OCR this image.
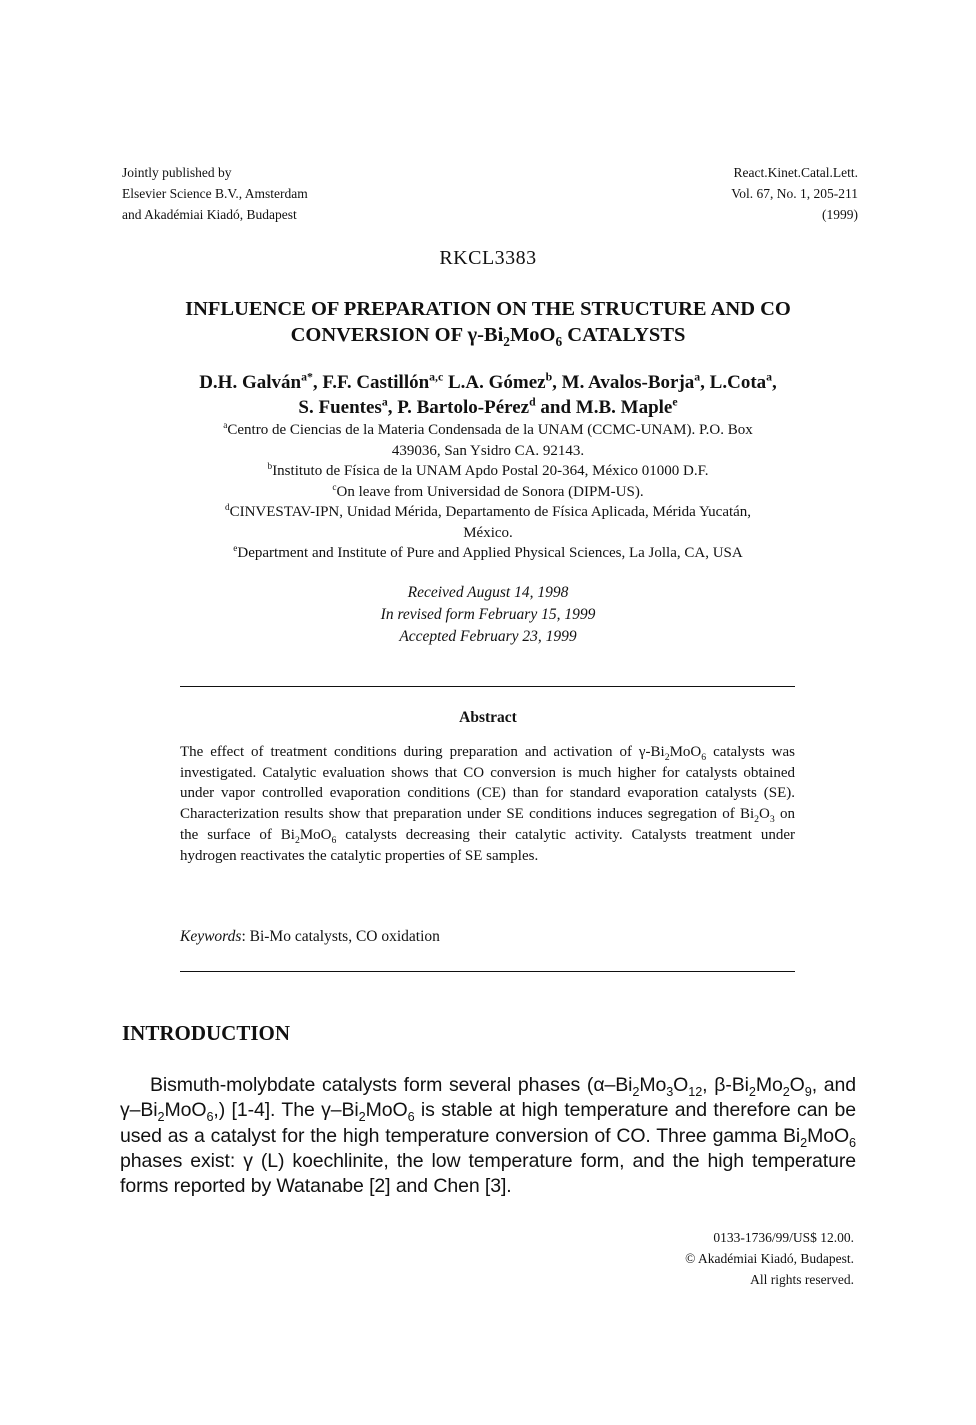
Jointly published by
Elsevier Science B.V., Amsterdam
and Akadémiai Kiadó, Budapest
React.Kinet.Catal.Lett.
Vol. 67, No. 1, 205-211
(1999)
RKCL3383
INFLUENCE OF PREPARATION ON THE STRUCTURE AND CO
CONVERSION OF $\gamma-Bi_2MoO_6$ CATALYSTS
D.H. Galván$^{a*}$, F.F. Castillón$^{a,c}$ L.A. Gómez$^b$, M. Avalos-Borja$^a$, L.Cota$^a$,
S. Fuentes$^a$, P. Bartolo-Pérez$^d$ and M.B. Maple$^e$
$^a$Centro de Ciencias de la Materia Condensada de la UNAM (CCMC-UNAM). P.O. Box
439036, San Ysidro CA. 92143.
$^b$Instituto de Física de la UNAM Apdo Postal 20-364, México 01000 D.F.
$^c$On leave from Universidad de Sonora (DIPM-US).
$^d$CINVESTAV-IPN, Unidad Mérida, Departamento de Física Aplicada, Mérida Yucatán,
México.
$^e$Department and Institute of Pure and Applied Physical Sciences, La Jolla, CA, USA
Received August 14, 1998
In revised form February 15, 1999
Accepted February 23, 1999
Abstract
The effect of treatment conditions during preparation and activation of $\gamma-Bi_2MoO_6$ catalysts was investigated. Catalytic evaluation shows that CO conversion is much higher for catalysts obtained under vapor controlled evaporation conditions (CE) than for standard evaporation catalysts (SE). Characterization results show that preparation under SE conditions induces segregation of $Bi_2O_3$ on the surface of $Bi_2MoO_6$ catalysts decreasing their catalytic activity. Catalysts treatment under hydrogen reactivates the catalytic properties of SE samples.
Keywords: Bi-Mo catalysts, CO oxidation
INTRODUCTION
Bismuth-molybdate catalysts form several phases ($\alpha-Bi_2Mo_3O_{12}$, $\beta-Bi_2Mo_2O_9$, and $\gamma-Bi_2MoO_6$,) [1-4]. The $\gamma-Bi_2MoO_6$ is stable at high temperature and therefore can be used as a catalyst for the high temperature conversion of CO. Three gamma $Bi_2MoO_6$ phases exist: γ (L) koechlinite, the low temperature form, and the high temperature forms reported by Watanabe [2] and Chen [3].
0133-1736/99/US$ 12.00.
© Akadémiai Kiadó, Budapest.
All rights reserved.
